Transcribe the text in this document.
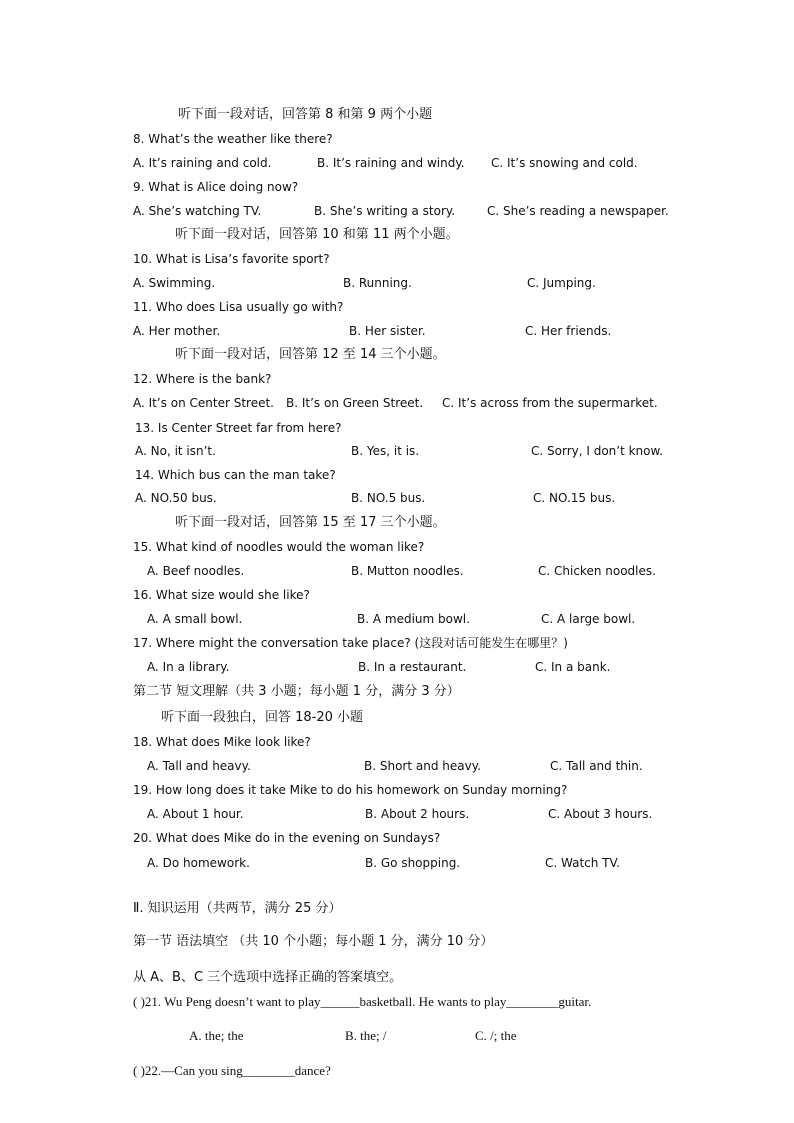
听下面一段对话，回答第 8 和第 9 两个小题
8. What’s the weather like there?
A. It’s raining and cold.	B. It’s raining and windy. C. It’s snowing and cold.
9. What is Alice doing now?
A. She’s watching TV.	B. She’s writing a story.	C. She’s reading a newspaper.
听下面一段对话，回答第 10 和第 11 两个小题。
10. What is Lisa’s favorite sport?
A. Swimming.	B. Running.	C. Jumping.
11. Who does Lisa usually go with?
A. Her mother.	B. Her sister.	C. Her friends.
听下面一段对话，回答第 12 至 14 三个小题。
12. Where is the bank?
A. It’s on Center Street. B. It’s on Green Street. C. It’s across from the supermarket.
13. Is Center Street far from here?
A. No, it isn’t.	B. Yes, it is.	C. Sorry, I don’t know.
14. Which bus can the man take?
A. NO.50 bus.	B. NO.5 bus.	C. NO.15 bus.
听下面一段对话，回答第 15 至 17 三个小题。
15. What kind of noodles would the woman like?
A. Beef noodles.	B. Mutton noodles.	C. Chicken noodles.
16. What size would she like?
A. A small bowl.	B. A medium bowl.	C. A large bowl.
17. Where might the conversation take place? (这段对话可能发生在哪里？)
A. In a library.	B. In a restaurant.	C. In a bank.
第二节 短文理解（共 3 小题；每小题 1 分，满分 3 分）
听下面一段独白，回答 18-20 小题
18. What does Mike look like?
A. Tall and heavy.	B. Short and heavy.	C. Tall and thin.
19. How long does it take Mike to do his homework on Sunday morning?
A. About 1 hour.	B. About 2 hours.	C. About 3 hours.
20. What does Mike do in the evening on Sundays?
A. Do homework.	B. Go shopping.	C. Watch TV.
Ⅱ. 知识运用（共两节，满分 25 分）
第一节 语法填空 （共 10 个小题；每小题 1 分，满分 10 分）
从 A、B、C 三个选项中选择正确的答案填空。
( )21. Wu Peng doesn’t want to play______basketball. He wants to play________guitar.
A. the; the	B. the; /	C. /; the
( )22.—Can you sing________dance?
